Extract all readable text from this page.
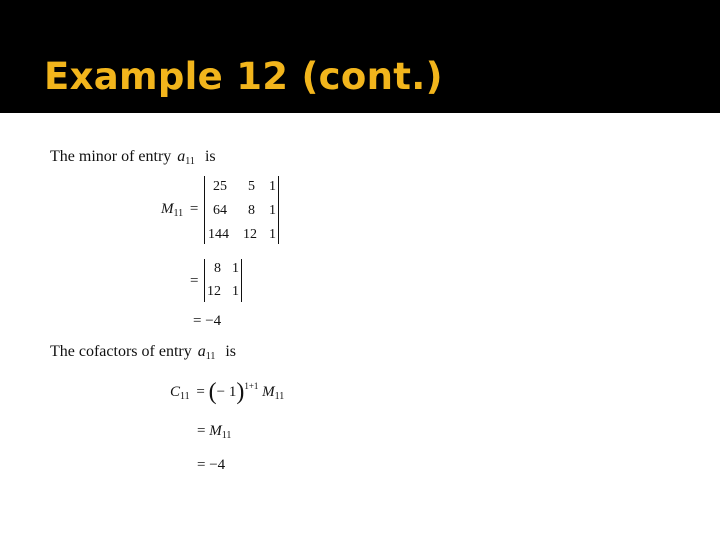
Example 12 (cont.)
The minor of entry $a_{11}$ is
$M_{11}$ =
25	5 1
64	8 1
144	12 1
=
8 1
12 1
= −4
The cofactors of entry $a_{11}$ is
$C_{11}$ = (− 1)$^{1+1}$ $M_{11}$
= $M_{11}$
= −4
